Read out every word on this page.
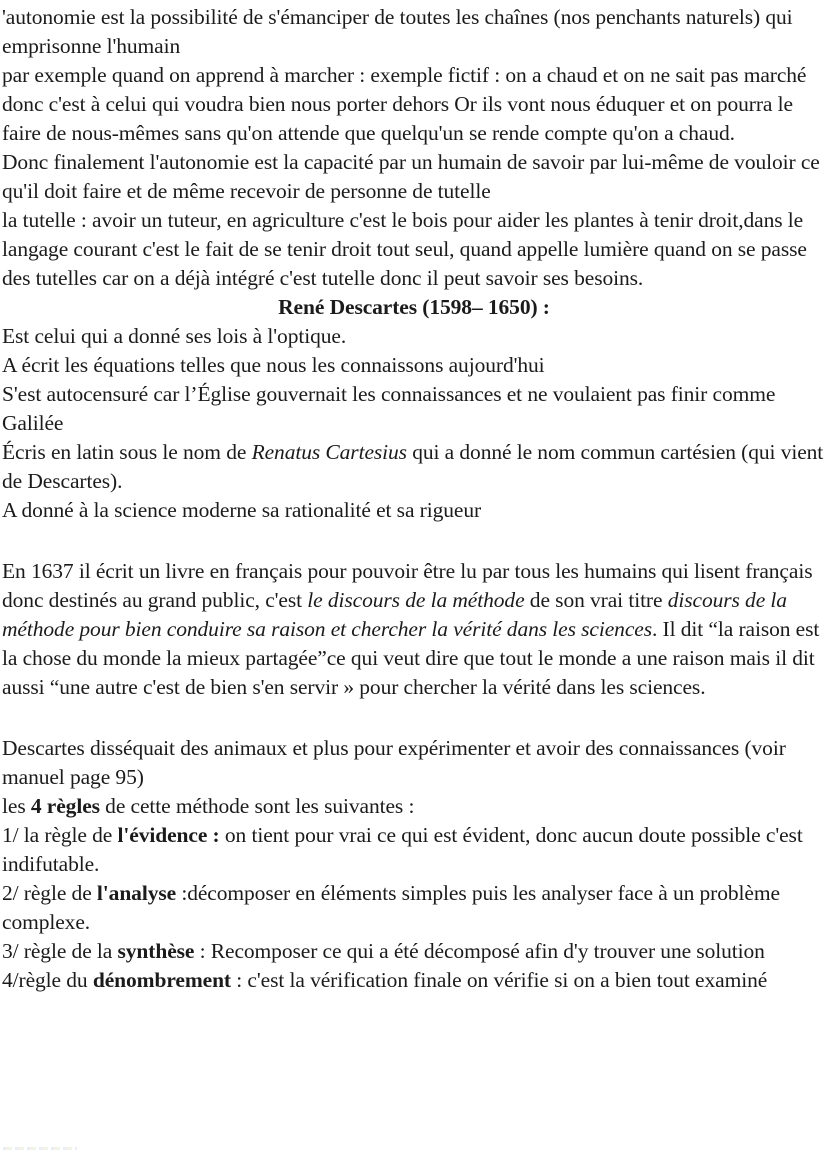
'autonomie est la possibilité de s'émanciper de toutes les chaînes (nos penchants naturels) qui emprisonne l'humain

par exemple quand on apprend à marcher : exemple fictif : on a chaud et on ne sait pas marché donc c'est à celui qui voudra bien nous porter dehors Or ils vont nous éduquer et on pourra le faire de nous-mêmes sans qu'on attende que quelqu'un se rende compte qu'on a chaud.

Donc finalement l'autonomie est la capacité par un humain de savoir par lui-même de vouloir ce qu'il doit faire et de même recevoir de personne de tutelle

la tutelle : avoir un tuteur, en agriculture c'est le bois pour aider les plantes à tenir droit,dans le langage courant c'est le fait de se tenir droit tout seul, quand appelle lumière quand on se passe des tutelles car on a déjà intégré c'est tutelle donc il peut savoir ses besoins.

René Descartes (1598– 1650) :

Est celui qui a donné ses lois à l'optique.

A écrit les équations telles que nous les connaissons aujourd'hui

S'est autocensuré car l’Église gouvernait les connaissances et ne voulaient pas finir comme Galilée

Écris en latin sous le nom de Renatus Cartesius qui a donné le nom commun cartésien (qui vient de Descartes).

A donné à la science moderne sa rationalité et sa rigueur

En 1637 il écrit un livre en français pour pouvoir être lu par tous les humains qui lisent français donc destinés au grand public, c'est le discours de la méthode de son vrai titre discours de la méthode pour bien conduire sa raison et chercher la vérité dans les sciences. Il dit “la raison est la chose du monde la mieux partagée”ce qui veut dire que tout le monde a une raison mais il dit aussi “une autre c'est de bien s'en servir » pour chercher la vérité dans les sciences.

Descartes disséquait des animaux et plus pour expérimenter et avoir des connaissances (voir manuel page 95)

les 4 règles de cette méthode sont les suivantes :

1/ la règle de l'évidence : on tient pour vrai ce qui est évident, donc aucun doute possible c'est indifutable.

2/ règle de l'analyse :décomposer en éléments simples puis les analyser face à un problème complexe.

3/ règle de la synthèse : Recomposer ce qui a été décomposé afin d'y trouver une solution

4/règle du dénombrement : c'est la vérification finale on vérifie si on a bien tout examiné
